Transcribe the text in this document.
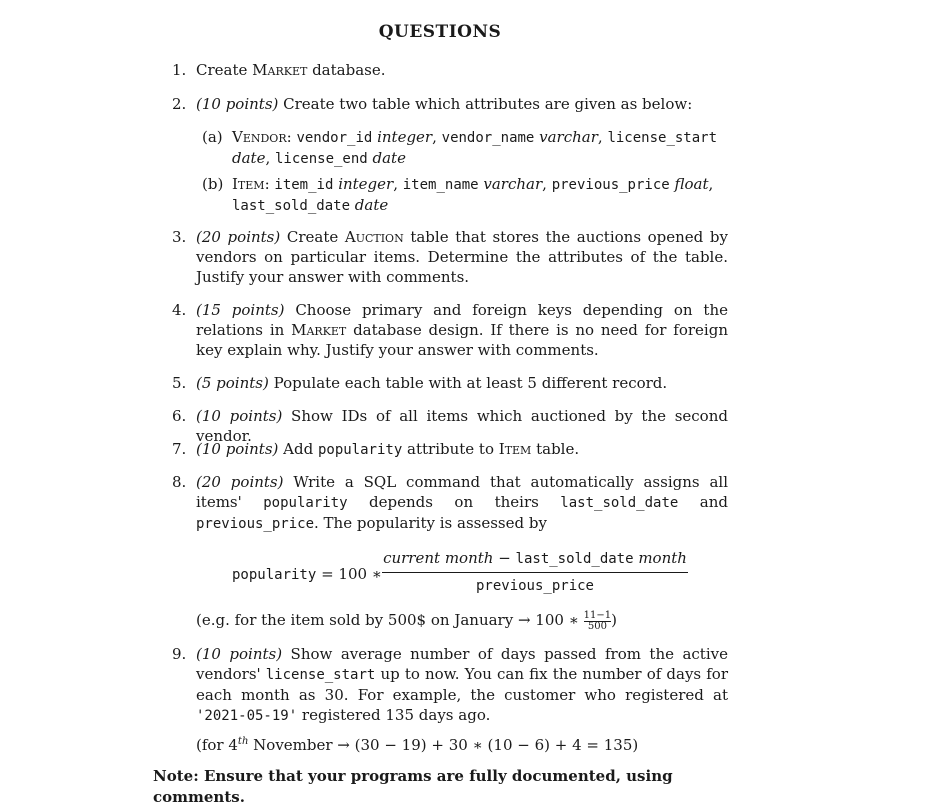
QUESTIONS
1. Create Market database.
2. (10 points) Create two table which attributes are given as below:
(a) Vendor: vendor_id integer, vendor_name varchar, license_start date, license_end date
(b) Item: item_id integer, item_name varchar, previous_price float, last_sold_date date
3. (20 points) Create Auction table that stores the auctions opened by vendors on particular items. Determine the attributes of the table. Justify your answer with comments.
4. (15 points) Choose primary and foreign keys depending on the relations in Market database design. If there is no need for foreign key explain why. Justify your answer with comments.
5. (5 points) Populate each table with at least 5 different record.
6. (10 points) Show IDs of all items which auctioned by the second vendor.
7. (10 points) Add popularity attribute to Item table.
8. (20 points) Write a SQL command that automatically assigns all items' popularity depends on theirs last_sold_date and previous_price. The popularity is assessed by
popularity = 100 ∗
current month − last_sold_date month
previous_price
(e.g. for the item sold by 500$ on January → 100 ∗ $\frac{11-1}{500}$ )
9. (10 points) Show average number of days passed from the active vendors' license_start up to now. You can fix the number of days for each month as 30. For example, the customer who registered at '2021-05-19' registered 135 days ago.
(for 4th November → (30 − 19) + 30 ∗ (10 − 6) + 4 = 135)
Note: Ensure that your programs are fully documented, using comments.
